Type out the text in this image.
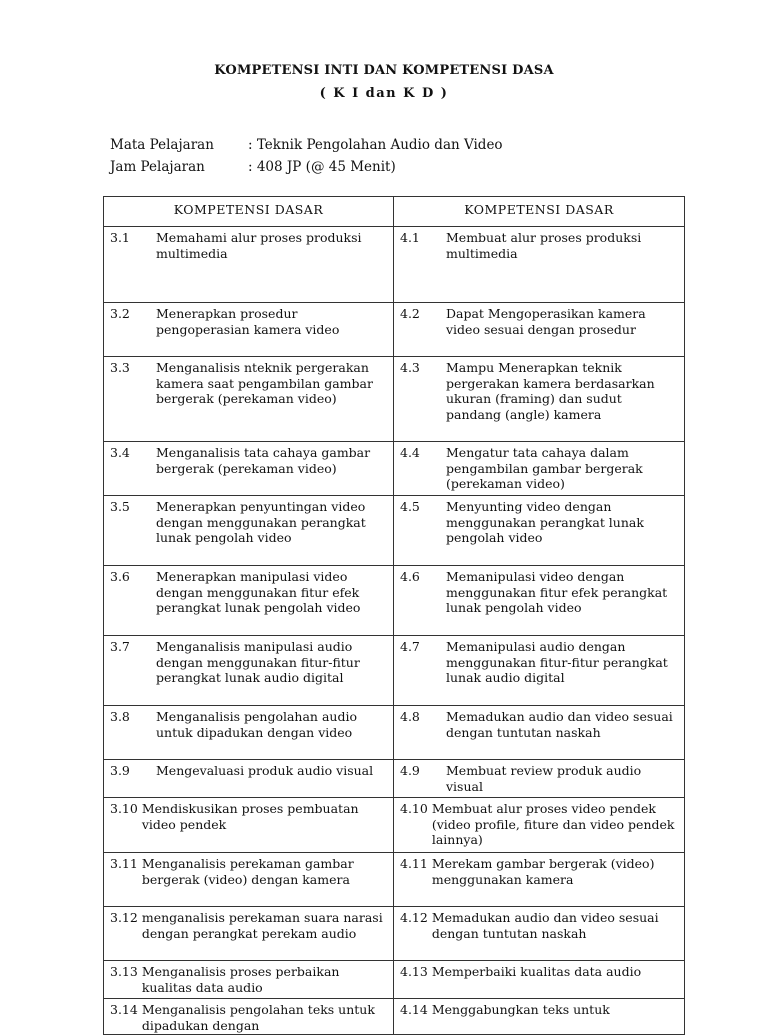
KOMPETENSI INTI DAN KOMPETENSI DASA
( K I dan K D )
Mata Pelajaran	: Teknik Pengolahan Audio dan Video
Jam Pelajaran	: 408 JP (@ 45 Menit)
KOMPETENSI DASAR	KOMPETENSI DASAR

3.1 Memahami alur proses produksi multimedia	4.1 Membuat alur proses produksi multimedia

3.2 Menerapkan prosedur pengoperasian kamera video	4.2 Dapat Mengoperasikan kamera video sesuai dengan prosedur

3.3 Menganalisis nteknik pergerakan kamera saat pengambilan gambar bergerak (perekaman video)	4.3 Mampu Menerapkan teknik pergerakan kamera berdasarkan ukuran (framing) dan sudut pandang (angle) kamera

3.4 Menganalisis tata cahaya gambar bergerak (perekaman video)	4.4 Mengatur tata cahaya dalam pengambilan gambar bergerak (perekaman video)

3.5 Menerapkan penyuntingan video dengan menggunakan perangkat lunak pengolah video	4.5 Menyunting video dengan menggunakan perangkat lunak pengolah video

3.6 Menerapkan manipulasi video dengan menggunakan fitur efek perangkat lunak pengolah video	4.6 Memanipulasi video dengan menggunakan fitur efek perangkat lunak pengolah video

3.7 Menganalisis manipulasi audio dengan menggunakan fitur-fitur perangkat lunak audio digital	4.7 Memanipulasi audio dengan menggunakan fitur-fitur perangkat lunak audio digital

3.8 Menganalisis pengolahan audio untuk dipadukan dengan video	4.8 Memadukan audio dan video sesuai dengan tuntutan naskah

3.9 Mengevaluasi produk audio visual	4.9 Membuat review produk audio visual

3.10 Mendiskusikan proses pembuatan video pendek	4.10 Membuat alur proses video pendek (video profile, fiture dan video pendek lainnya)

3.11 Menganalisis perekaman gambar bergerak (video) dengan kamera	4.11 Merekam gambar bergerak (video) menggunakan kamera

3.12 menganalisis perekaman suara narasi dengan perangkat perekam audio	4.12 Memadukan audio dan video sesuai dengan tuntutan naskah

3.13 Menganalisis proses perbaikan kualitas data audio	4.13 Memperbaiki kualitas data audio

3.14 Menganalisis pengolahan teks untuk dipadukan dengan	4.14 Menggabungkan teks untuk
